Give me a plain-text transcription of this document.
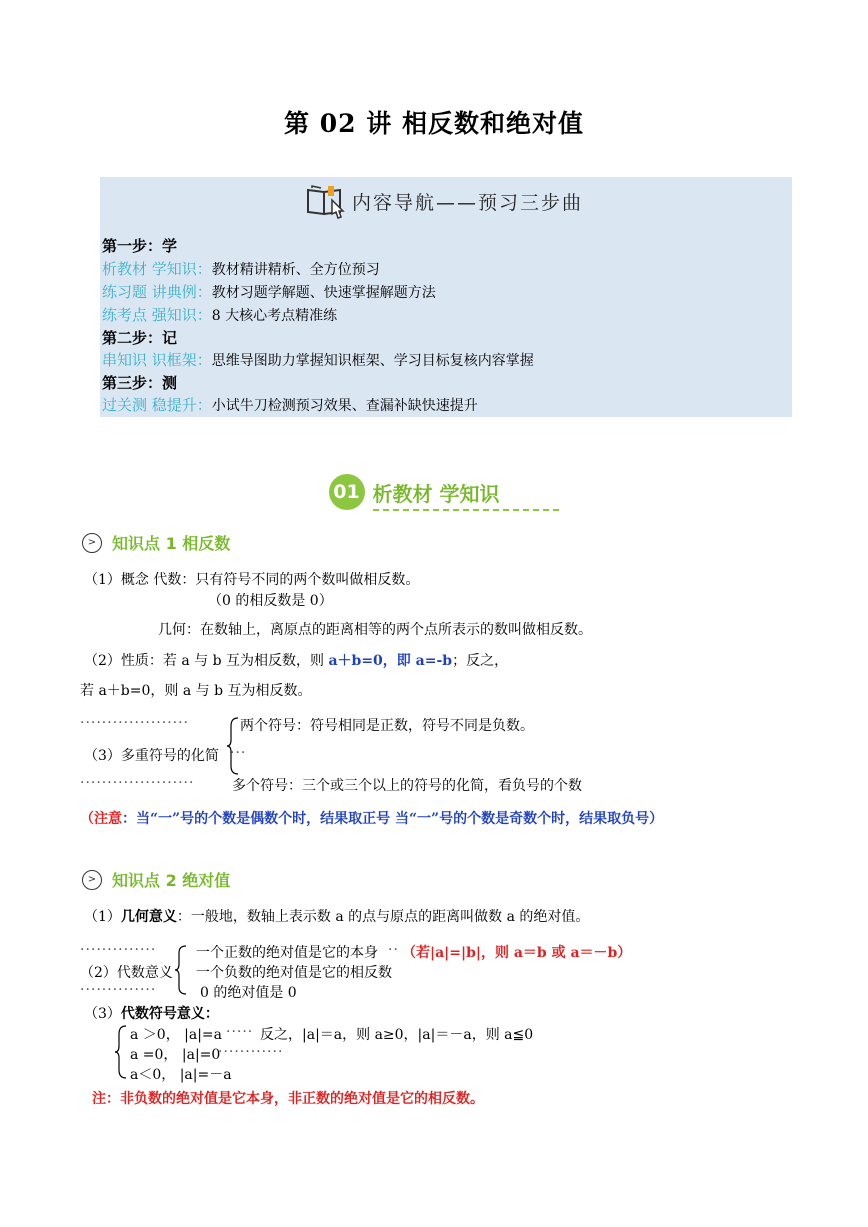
第 02 讲 相反数和绝对值
内容导航——预习三步曲
第一步：学
析教材 学知识：教材精讲精析、全方位预习
练习题 讲典例：教材习题学解题、快速掌握解题方法
练考点 强知识：8 大核心考点精准练
第二步：记
串知识 识框架：思维导图助力掌握知识框架、学习目标复核内容掌握
第三步：测
过关测 稳提升：小试牛刀检测预习效果、查漏补缺快速提升
01 析教材 学知识
> 知识点 1 相反数
（1）概念 代数：只有符号不同的两个数叫做相反数。
（0 的相反数是 0）
几何：在数轴上，离原点的距离相等的两个点所表示的数叫做相反数。
（2）性质：若 a 与 b 互为相反数，则 a＋b=0，即 a=-b；反之，
若 a＋b=0，则 a 与 b 互为相反数。
····················	两个符号：符号相同是正数，符号不同是负数。
（3）多重符号的化简 ···
·····················	多个符号：三个或三个以上的符号的化简，看负号的个数
（注意：当“一”号的个数是偶数个时，结果取正号 当“一”号的个数是奇数个时，结果取负号）
> 知识点 2 绝对值
（1）几何意义：一般地，数轴上表示数 a 的点与原点的距离叫做数 a 的绝对值。
··············	一个正数的绝对值是它的本身 ·· （若|a|=|b|，则 a＝b 或 a＝－b）
（2）代数意义 一个负数的绝对值是它的相反数
··············	0 的绝对值是 0
（3）代数符号意义：
a ＞0， |a|=a ····· 反之，|a|＝a，则 a≥0，|a|＝－a，则 a≦0
a =0， |a|=0
············
a＜0， |a|=－a
注：非负数的绝对值是它本身，非正数的绝对值是它的相反数。
